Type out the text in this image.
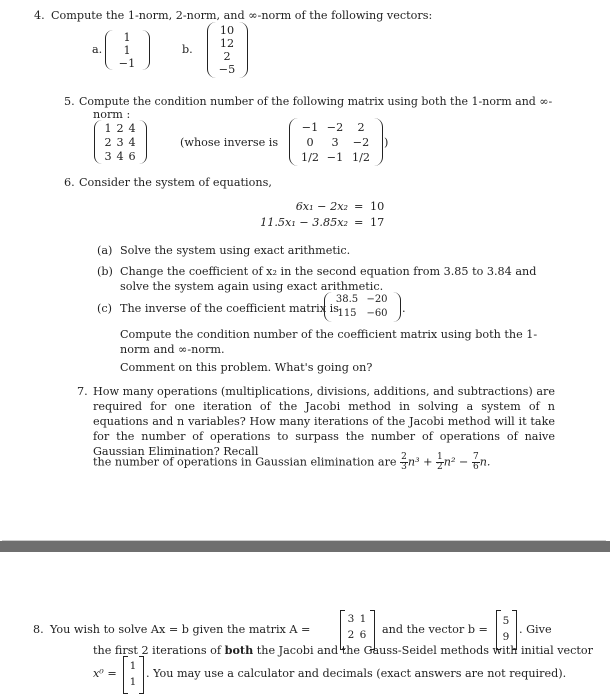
4. Compute the 1-norm, 2-norm, and ∞-norm of the following vectors:
a.
1
1
−1
b.
10
12
2
−5
5. Compute the condition number of the following matrix using both the 1-norm and ∞-
norm :
1 2 4
2 3 4
3 4 6
(whose inverse is
−1 −2	2
0	3	−2
1/2 −1 1/2
)
6. Consider the system of equations,
6x₁ − 2x₂ = 10
11.5x₁ − 3.85x₂ = 17
(a) Solve the system using exact arithmetic.
(b) Change the coefficient of x₂ in the second equation from 3.85 to 3.84 and solve the system again using exact arithmetic.
(c) The inverse of the coefficient matrix is
38.5 −20
115 −60	.
Compute the condition number of the coefficient matrix using both the 1-norm and ∞-norm.
Comment on this problem. What's going on?
7. How many operations (multiplications, divisions, additions, and subtractions) are required for one iteration of the Jacobi method in solving a system of n equations and n variables? How many iterations of the Jacobi method will it take for the number of operations to surpass the number of operations of naive Gaussian Elimination? Recall
the number of operations in Gaussian elimination are $\frac{2}{3} n^3 + \frac{1}{2} n^2 - \frac{7}{6} n$.
8. You wish to solve Ax = b given the matrix A =
3 1
2 6 and the vector b =
5
9
. Give
the first 2 iterations of both the Jacobi and the Gauss-Seidel methods with initial vector
x⁰ =
1
1
. You may use a calculator and decimals (exact answers are not required).
